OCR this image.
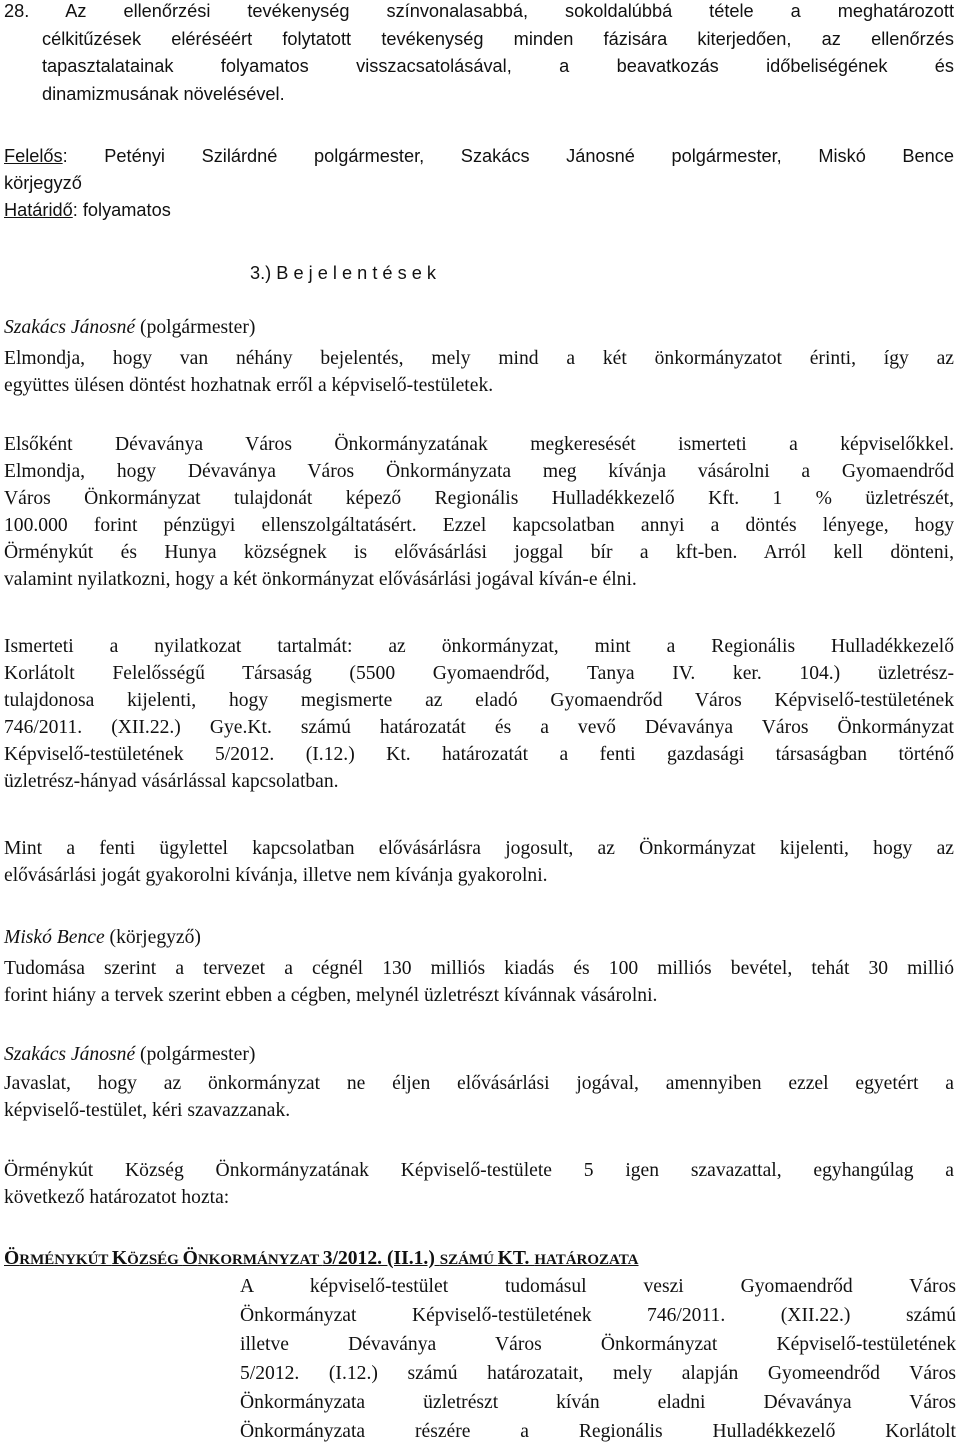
28. Az ellenőrzési tevékenység színvonalasabbá, sokoldalúbbá tétele a meghatározott
célkitűzések eléréséért folytatott tevékenység minden fázisára kiterjedően, az ellenőrzés
tapasztalatainak folyamatos visszacsatolásával, a beavatkozás időbeliségének és
dinamizmusának növelésével.
Felelős: Petényi Szilárdné polgármester, Szakács Jánosné polgármester, Miskó Bence
körjegyző
Határidő: folyamatos
3.) B e j e l e n t é s e k
Szakács Jánosné (polgármester)
Elmondja, hogy van néhány bejelentés, mely mind a két önkormányzatot érinti, így az
együttes ülésen döntést hozhatnak erről a képviselő-testületek.
Elsőként Dévaványa Város Önkormányzatának megkeresését ismerteti a képviselőkkel.
Elmondja, hogy Dévaványa Város Önkormányzata meg kívánja vásárolni a Gyomaendrőd
Város Önkormányzat tulajdonát képező Regionális Hulladékkezelő Kft. 1 % üzletrészét,
100.000 forint pénzügyi ellenszolgáltatásért. Ezzel kapcsolatban annyi a döntés lényege, hogy
Örménykút és Hunya községnek is elővásárlási joggal bír a kft-ben. Arról kell dönteni,
valamint nyilatkozni, hogy a két önkormányzat elővásárlási jogával kíván-e élni.
Ismerteti a nyilatkozat tartalmát: az önkormányzat, mint a Regionális Hulladékkezelő
Korlátolt Felelősségű Társaság (5500 Gyomaendrőd, Tanya IV. ker. 104.) üzletrész-
tulajdonosa kijelenti, hogy megismerte az eladó Gyomaendrőd Város Képviselő-testületének
746/2011. (XII.22.) Gye.Kt. számú határozatát és a vevő Dévaványa Város Önkormányzat
Képviselő-testületének 5/2012. (I.12.) Kt. határozatát a fenti gazdasági társaságban történő
üzletrész-hányad vásárlással kapcsolatban.
Mint a fenti ügylettel kapcsolatban elővásárlásra jogosult, az Önkormányzat kijelenti, hogy az
elővásárlási jogát gyakorolni kívánja, illetve nem kívánja gyakorolni.
Miskó Bence (körjegyző)
Tudomása szerint a tervezet a cégnél 130 milliós kiadás és 100 milliós bevétel, tehát 30 millió
forint hiány a tervek szerint ebben a cégben, melynél üzletrészt kívánnak vásárolni.
Szakács Jánosné (polgármester)
Javaslat, hogy az önkormányzat ne éljen elővásárlási jogával, amennyiben ezzel egyetért a
képviselő-testület, kéri szavazzanak.
Örménykút Község Önkormányzatának Képviselő-testülete 5 igen szavazattal, egyhangúlag a
következő határozatot hozta:
ÖRMÉNYKÚT KÖZSÉG ÖNKORMÁNYZAT 3/2012. (II.1.) SZÁMÚ KT. HATÁROZATA
A képviselő-testület tudomásul veszi Gyomaendrőd Város
Önkormányzat Képviselő-testületének 746/2011. (XII.22.) számú
illetve Dévaványa Város Önkormányzat Képviselő-testületének
5/2012. (I.12.) számú határozatait, mely alapján Gyomeendrőd Város
Önkormányzata üzletrészt kíván eladni Dévaványa Város
Önkormányzata részére a Regionális Hulladékkezelő Korlátolt
